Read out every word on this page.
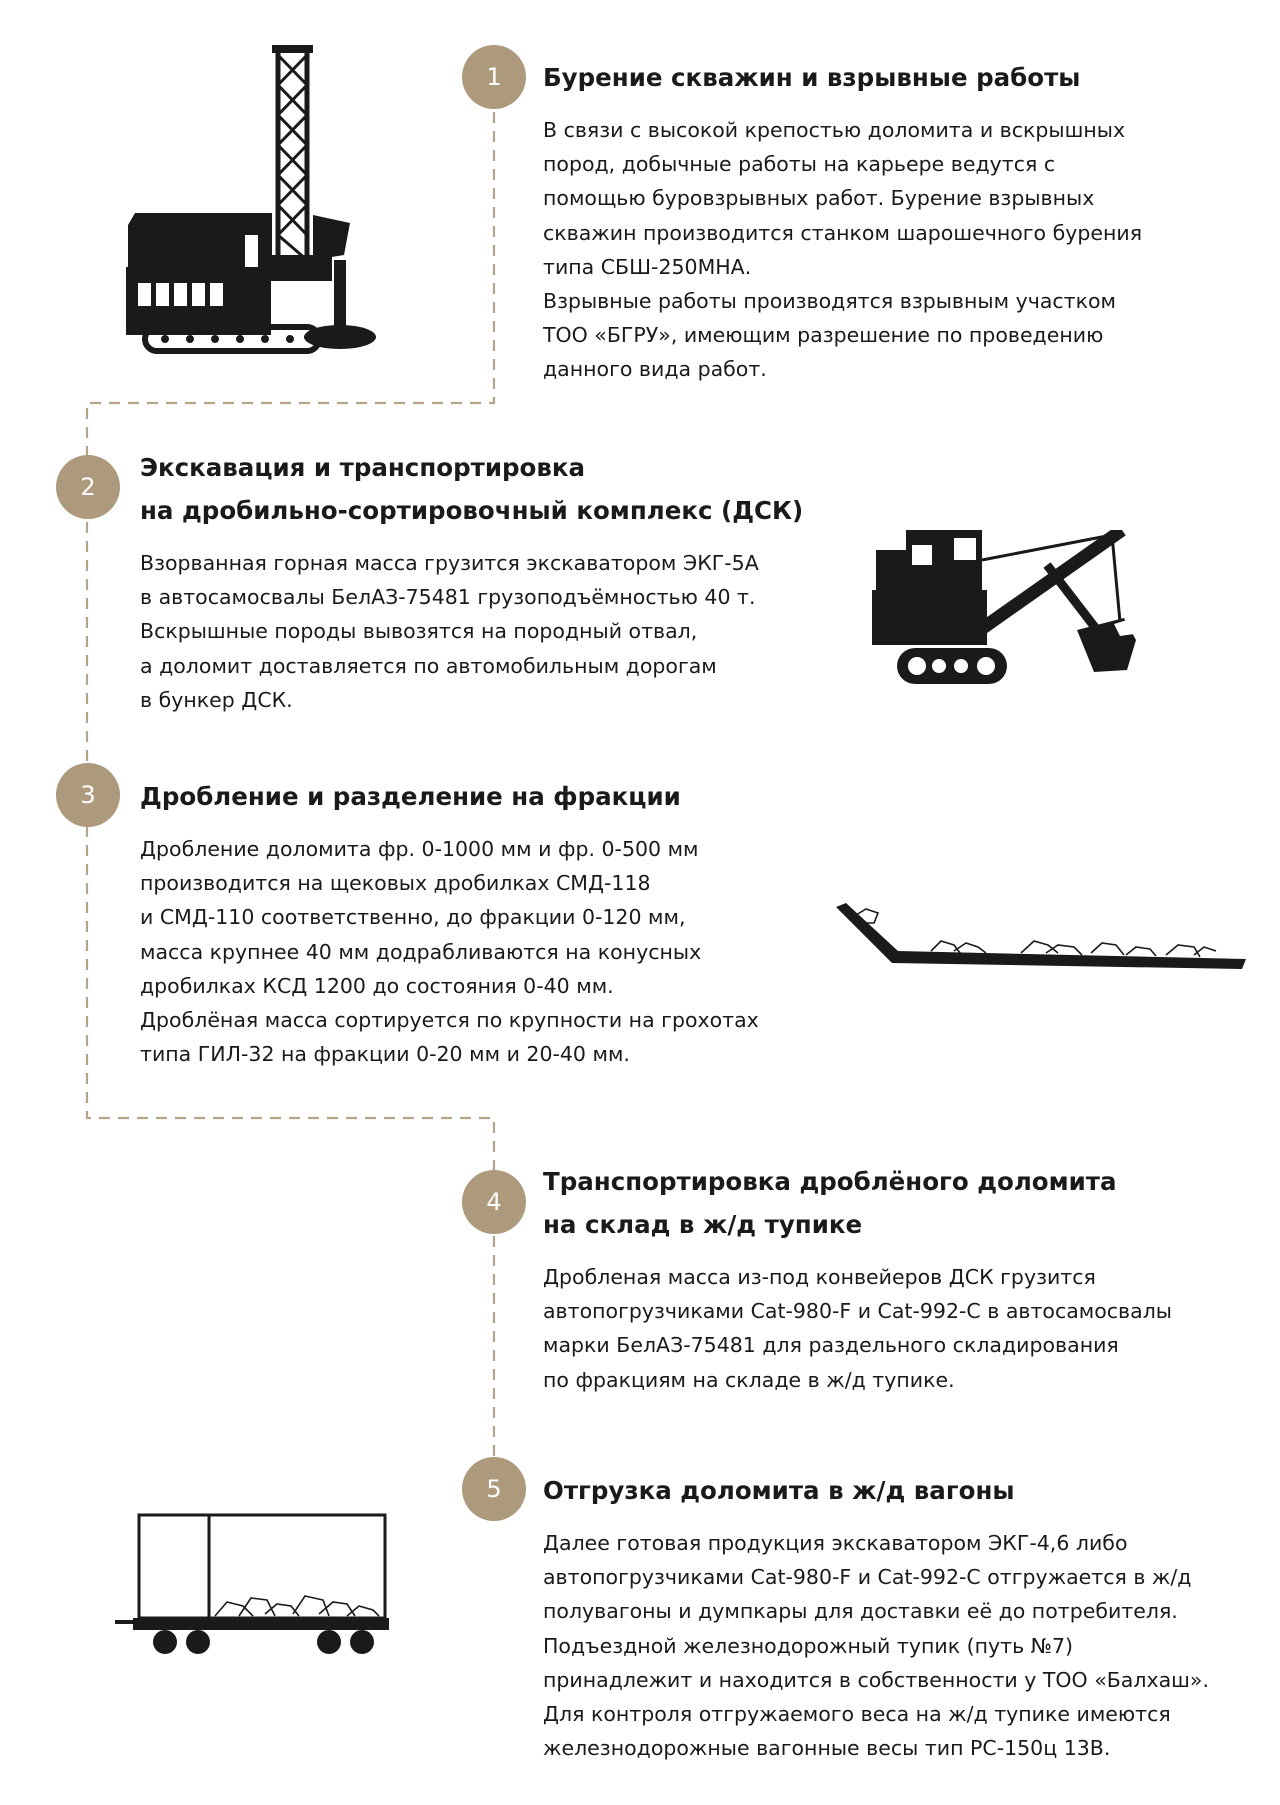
1 Бурение скважин и взрывные работы
В связи с высокой крепостью доломита и вскрышных
пород, добычные работы на карьере ведутся с
помощью буровзрывных работ. Бурение взрывных
скважин производится станком шарошечного бурения
типа СБШ-250МНА.
Взрывные работы производятся взрывным участком
ТОО «БГРУ», имеющим разрешение по проведению
данного вида работ.
2
Экскавация и транспортировка
на дробильно-сортировочный комплекс (ДСК)
Взорванная горная масса грузится экскаватором ЭКГ-5А
в автосамосвалы БелАЗ-75481 грузоподъёмностью 40 т.
Вскрышные породы вывозятся на породный отвал,
а доломит доставляется по автомобильным дорогам
в бункер ДСК.
3 Дробление и разделение на фракции
Дробление доломита фр. 0-1000 мм и фр. 0-500 мм
производится на щековых дробилках СМД-118
и СМД-110 соответственно, до фракции 0-120 мм,
масса крупнее 40 мм додрабливаются на конусных
дробилках КСД 1200 до состояния 0-40 мм.
Дроблёная масса сортируется по крупности на грохотах
типа ГИЛ-32 на фракции 0-20 мм и 20-40 мм.
4
Транспортировка дроблёного доломита
на склад в ж/д тупике
Дробленая масса из-под конвейеров ДСК грузится
автопогрузчиками Cat-980-F и Cat-992-C в автосамосвалы
марки БелАЗ-75481 для раздельного складирования
по фракциям на складе в ж/д тупике.
5 Отгрузка доломита в ж/д вагоны
Далее готовая продукция экскаватором ЭКГ-4,6 либо
автопогрузчиками Cat-980-F и Cat-992-C отгружается в ж/д
полувагоны и думпкары для доставки её до потребителя.
Подъездной железнодорожный тупик (путь №7)
принадлежит и находится в собственности у ТОО «Балхаш».
Для контроля отгружаемого веса на ж/д тупике имеются
железнодорожные вагонные весы тип РС-150ц 13В.
